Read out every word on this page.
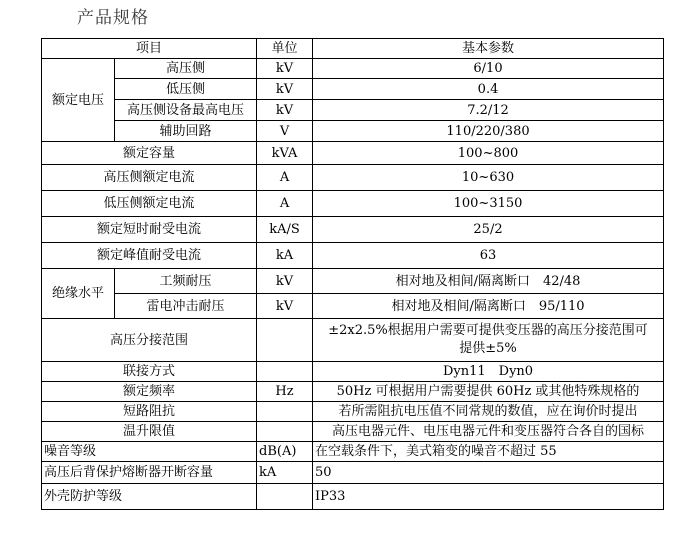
产品规格
项目		单位	基本参数
额定电压	高压侧	kV	6/10
	低压侧	kV	0.4
	高压侧设备最高电压	kV	7.2/12
	辅助回路	V	110/220/380
额定容量		kVA	100~800
高压侧额定电流		A	10~630
低压侧额定电流		A	100~3150
额定短时耐受电流		kA/S	25/2
额定峰值耐受电流		kA	63
绝缘水平	工频耐压	kV	相对地及相间/隔离断口　42/48
	雷电冲击耐压	kV	相对地及相间/隔离断口　95/110
高压分接范围			±2x2.5%根据用户需要可提供变压器的高压分接范围可
提供±5%

联接方式			Dyn11　Dyn0
额定频率		Hz	50Hz 可根据用户需要提供 60Hz 或其他特殊规格的
短路阻抗			若所需阻抗电压值不同常规的数值，应在询价时提出
温升限值			高压电器元件、电压电器元件和变压器符合各自的国标
噪音等级		dB(A)	在空载条件下，美式箱变的噪音不超过 55
高压后背保护熔断器开断容量		kA	50
外壳防护等级			IP33
